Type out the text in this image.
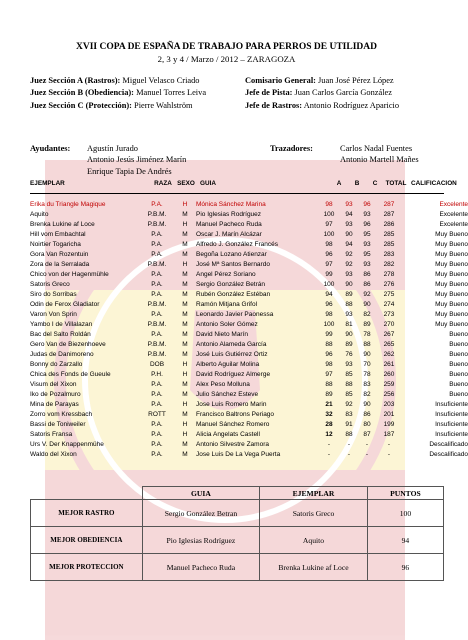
XVII COPA DE ESPAÑA DE TRABAJO PARA PERROS DE UTILIDAD
2, 3 y 4 / Marzo / 2012 – ZARAGOZA
Juez Sección A (Rastros): Miguel Velasco Criado	Comisario General: Juan José Pérez López
Juez Sección B (Obediencia): Manuel Torres Leiva	Jefe de Pista: Juan Carlos García González
Juez Sección C (Protección): Pierre Wahlström	Jefe de Rastros: Antonio Rodríguez Aparicio
Ayudantes: Agustín Jurado
Antonio Jesús Jiménez Marín
Enrique Tapia De Andrés
Trazadores:	Carlos Nadal Fuentes
Antonio Martell Mañes
EJEMPLAR	RAZA SEXO GUIA	A	B	C	TOTAL CALIFICACION
Erika du Triangle Magique	P.A.	H	Mónica Sánchez Marina	98	93	96	287	Excelente
Aquito	P.B.M.	M	Pio Iglesias Rodríguez	100	94	93	287	Excelente
Brenka Lukine af Loce	P.B.M.	H	Manuel Pacheco Ruda	97	93	96	286	Excelente
Hill vom Embachtal	P.A.	M	Oscar J. Marín Alcázar	100	90	95	285	Muy Bueno
Noirtier Togaricha	P.A.	M	Alfredo J. González Francés	98	94	93	285	Muy Bueno
Gora Van Rozentuin	P.A.	M	Begoña Lozano Atienzar	96	92	95	283	Muy Bueno
Zora de la Serralada	P.B.M.	H	José Mª Santos Bernardo	97	92	93	282	Muy Bueno
Chico von der Hagenmühle	P.A.	M	Angel Pérez Soriano	99	93	86	278	Muy Bueno
Satoris Greco	P.A.	M	Sergio González Betrán	100	90	86	276	Muy Bueno
Siro do Sorribas	P.A.	M	Rubén González Estéban	94	89	92	275	Muy Bueno
Odin de Ferox Gladiator	P.B.M.	M	Ramón Mitjana Grifol	96	88	90	274	Muy Bueno
Varon Von Sprin	P.A.	M	Leonardo Javier Paonessa	98	93	82	273	Muy Bueno
Yambo I de Villalazan	P.B.M.	M	Antonio Soler Gómez	100	81	89	270	Muy Bueno
Bac del Salto Roldán	P.A.	M	David Nieto Marín	99	90	78	267	Bueno
Gero Van de Biezenhoeve	P.B.M.	M	Antonio Alameda García	88	89	88	265	Bueno
Judas de Danimoreno	P.B.M.	M	José Luis Gutiérrez Ortiz	96	76	90	262	Bueno
Bonny do Zarzallo	DOB	H	Alberto Aguilar Molina	98	93	70	261	Bueno
Chica des Fonds de Gueule	P.H.	H	David Rodríguez Almerge	97	85	78	260	Bueno
Visum del Xixon	P.A.	M	Alex Peso Molluna	88	88	83	259	Bueno
Iko de Pozalmuro	P.A.	M	Julio Sánchez Esteve	89	85	82	256	Bueno
Mina de Parayas	P.A.	H	Jose Luis Romero Marin	21	92	90	203	Insuficiente
Zorro vom Kressbach	ROTT	M	Francisco Baltrons Periago	32	83	86	201	Insuficiente
Bassi de Toniweiler	P.A.	H	Manuel Sánchez Romero	28	91	80	199	Insuficiente
Satoris Fransa	P.A.	H	Alicia Angelats Castell	12	88	87	187	Insuficiente
Urs V. Der Knappenmühe	P.A.	M	Antonio Silvestre Zamora	-	-	-	-	Descalificado
Waldo del Xixon	P.A.	M	Jose Luis De La Vega Puerta	-	-	-	-	Descalificado
	GUIA	EJEMPLAR	PUNTOS
MEJOR RASTRO	Sergio González Betran	Satoris Greco	100
MEJOR OBEDIENCIA	Pio Iglesias Rodríguez	Aquito	94
MEJOR PROTECCION	Manuel Pacheco Ruda	Brenka Lukine af Loce	96
